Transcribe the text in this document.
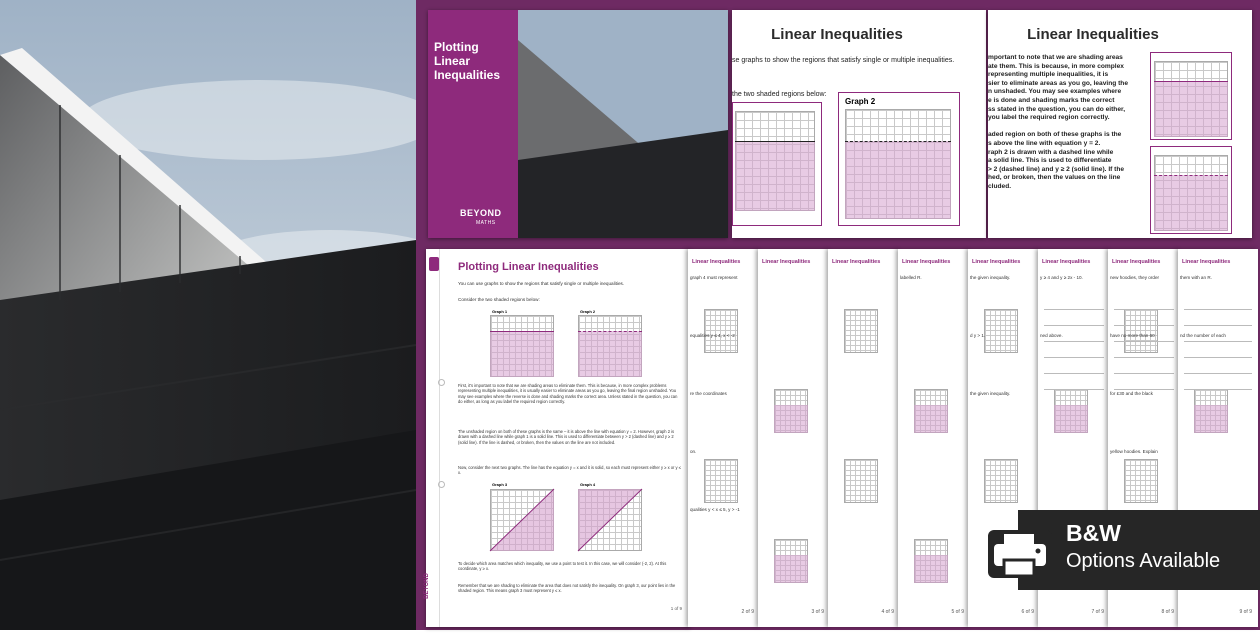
Plotting Linear Inequalities
BEYOND
MATHS
Linear Inequalities
se graphs to show the regions that satisfy single or multiple inequalities.
the two shaded regions below:
Graph 2
Linear Inequalities
mportant to note that we are shading areas
ate them. This is because, in more complex
representing multiple inequalities, it is
sier to eliminate areas as you go, leaving the
n unshaded. You may see examples where
e is done and shading marks the correct
ss stated in the question, you can do either,
you label the required region correctly.
aded region on both of these graphs is the
s above the line with equation y = 2.
raph 2 is drawn with a dashed line while
a solid line. This is used to differentiate
> 2 (dashed line) and y ≥ 2 (solid line). If the
hed, or broken, then the values on the line
cluded.
BEYOND
Plotting Linear Inequalities
You can use graphs to show the regions that satisfy single or multiple inequalities.
Consider the two shaded regions below:
Graph 1	Graph 2
First, it's important to note that we are shading areas to eliminate them. This is because, in more complex problems representing multiple inequalities, it is usually easier to eliminate areas as you go, leaving the final region unshaded. You may see examples where the reverse is done and shading marks the correct area. Unless stated in the question, you can do either, as long as you label the required region correctly.
The unshaded region on both of these graphs is the same – it is above the line with equation y = 2. However, graph 2 is drawn with a dashed line while graph 1 is a solid line. This is used to differentiate between y > 2 (dashed line) and y ≥ 2 (solid line). If the line is dashed, or broken, then the values on the line are not included.
Now, consider the next two graphs. The line has the equation y = x and it is solid, so each must represent either y ≥ x or y ≤ x.
Graph 3	Graph 4
To decide which area matches which inequality, we use a point to test it. In this case, we will consider (-2, 2). At this coordinate, y ≥ x.
Remember that we are shading to eliminate the area that does not satisfy the inequality. On graph 3, our point lies in the shaded region. This means graph 3 must represent y ≤ x.
1 of 9
Linear Inequalities
graph 4 must represent
equalities y ≤ 4, x < -2
re the coordinates
on.
qualities y < x ≤ 5, y > -1
2 of 9
Linear Inequalities
3 of 9
Linear Inequalities
4 of 9
Linear Inequalities
labelled R.
5 of 9
Linear Inequalities
the given inequality.
d y > 1.
the given inequality.
6 of 9
Linear Inequalities
y ≥ 4 and y ≥ 2x - 10.
ned above.
7 of 9
Linear Inequalities
new hoodies, they order
have no more than 60
for £30 and the black
yellow hoodies. Explain
8 of 9
Linear Inequalities
them with an R.
nd the number of each
9 of 9
B&W
Options Available
